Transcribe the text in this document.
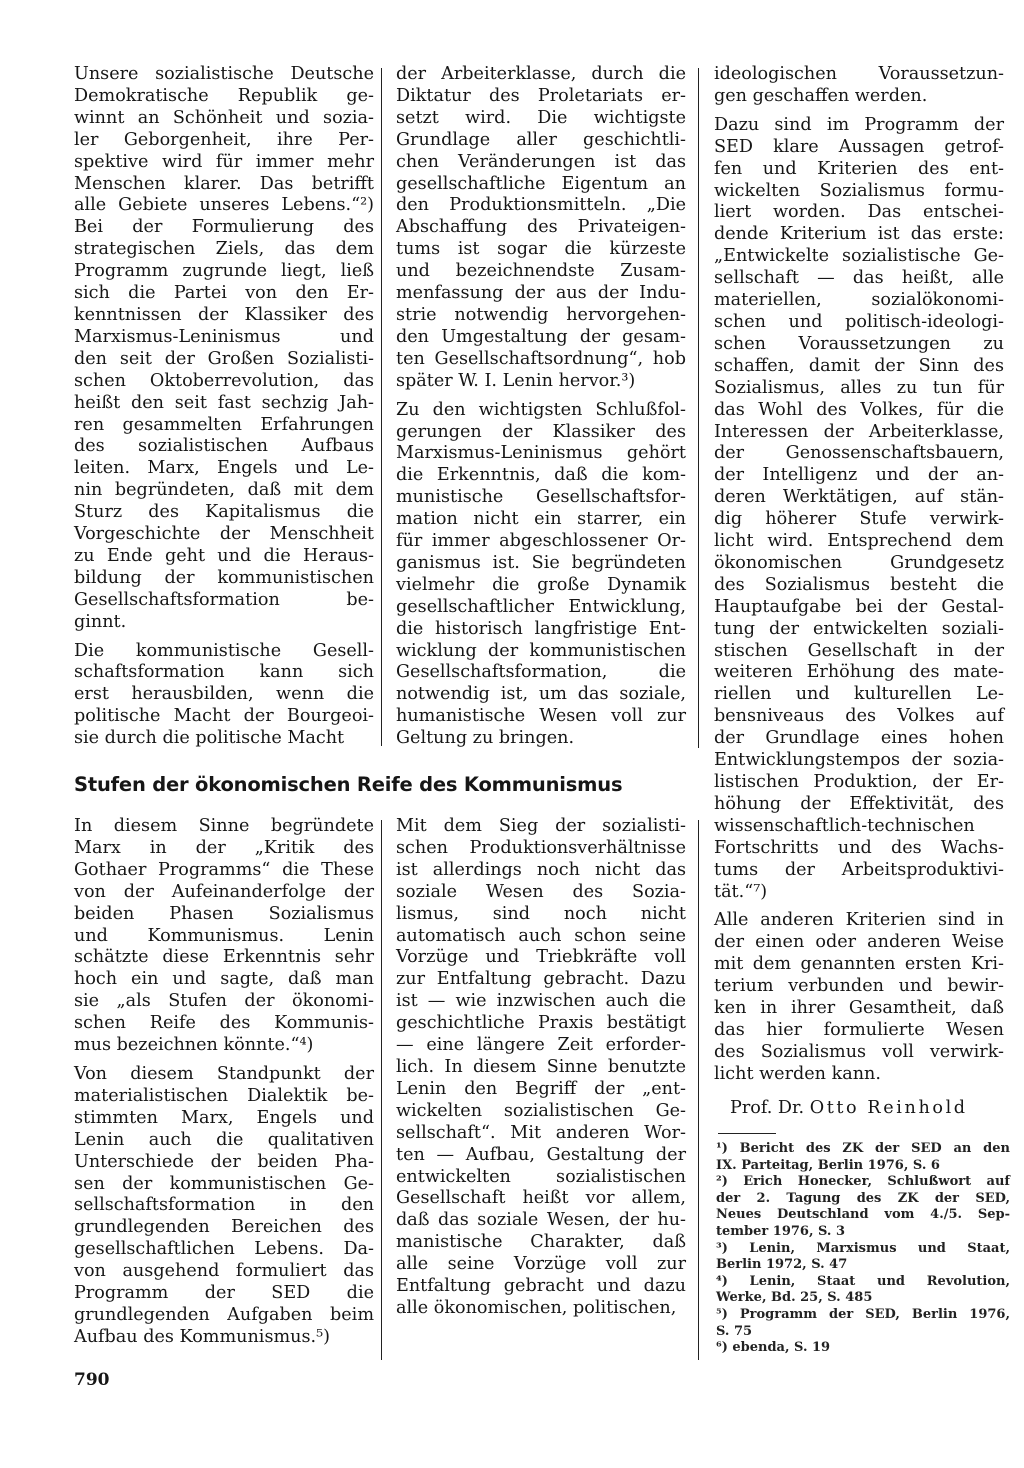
Unsere sozialistische Deutsche
Demokratische Republik ge-
winnt an Schönheit und sozia-
ler Geborgenheit, ihre Per-
spektive wird für immer mehr
Menschen klarer. Das betrifft
alle Gebiete unseres Lebens.“²)
Bei der Formulierung des
strategischen Ziels, das dem
Programm zugrunde liegt, ließ
sich die Partei von den Er-
kenntnissen der Klassiker des
Marxismus-Leninismus und
den seit der Großen Sozialisti-
schen Oktoberrevolution, das
heißt den seit fast sechzig Jah-
ren gesammelten Erfahrungen
des sozialistischen Aufbaus
leiten. Marx, Engels und Le-
nin begründeten, daß mit dem
Sturz des Kapitalismus die
Vorgeschichte der Menschheit
zu Ende geht und die Heraus-
bildung der kommunistischen
Gesellschaftsformation be-
ginnt.

Die kommunistische Gesell-
schaftsformation kann sich
erst herausbilden, wenn die
politische Macht der Bourgeoi-
sie durch die politische Macht

der Arbeiterklasse, durch die
Diktatur des Proletariats er-
setzt wird. Die wichtigste
Grundlage aller geschichtli-
chen Veränderungen ist das
gesellschaftliche Eigentum an
den Produktionsmitteln. „Die
Abschaffung des Privateigen-
tums ist sogar die kürzeste
und bezeichnendste Zusam-
menfassung der aus der Indu-
strie notwendig hervorgehen-
den Umgestaltung der gesam-
ten Gesellschaftsordnung“, hob
später W. I. Lenin hervor.³)

Zu den wichtigsten Schlußfol-
gerungen der Klassiker des
Marxismus-Leninismus gehört
die Erkenntnis, daß die kom-
munistische Gesellschaftsfor-
mation nicht ein starrer, ein
für immer abgeschlossener Or-
ganismus ist. Sie begründeten
vielmehr die große Dynamik
gesellschaftlicher Entwicklung,
die historisch langfristige Ent-
wicklung der kommunistischen
Gesellschaftsformation, die
notwendig ist, um das soziale,
humanistische Wesen voll zur
Geltung zu bringen.

ideologischen Voraussetzun-
gen geschaffen werden.

Dazu sind im Programm der
SED klare Aussagen getrof-
fen und Kriterien des ent-
wickelten Sozialismus formu-
liert worden. Das entschei-
dende Kriterium ist das erste:
„Entwickelte sozialistische Ge-
sellschaft — das heißt, alle
materiellen, sozialökonomi-
schen und politisch-ideologi-
schen Voraussetzungen zu
schaffen, damit der Sinn des
Sozialismus, alles zu tun für
das Wohl des Volkes, für die
Interessen der Arbeiterklasse,
der Genossenschaftsbauern,
der Intelligenz und der an-
deren Werktätigen, auf stän-
dig höherer Stufe verwirk-
licht wird. Entsprechend dem
ökonomischen Grundgesetz
des Sozialismus besteht die
Hauptaufgabe bei der Gestal-
tung der entwickelten soziali-
stischen Gesellschaft in der
weiteren Erhöhung des mate-
riellen und kulturellen Le-
bensniveaus des Volkes auf
der Grundlage eines hohen
Entwicklungstempos der sozia-
listischen Produktion, der Er-
höhung der Effektivität, des
wissenschaftlich-technischen
Fortschritts und des Wachs-
tums der Arbeitsproduktivi-
tät.“⁷)

Alle anderen Kriterien sind in
der einen oder anderen Weise
mit dem genannten ersten Kri-
terium verbunden und bewir-
ken in ihrer Gesamtheit, daß
das hier formulierte Wesen
des Sozialismus voll verwirk-
licht werden kann.

Stufen der ökonomischen Reife des Kommunismus

In diesem Sinne begründete
Marx in der „Kritik des
Gothaer Programms“ die These
von der Aufeinanderfolge der
beiden Phasen Sozialismus
und Kommunismus. Lenin
schätzte diese Erkenntnis sehr
hoch ein und sagte, daß man
sie „als Stufen der ökonomi-
schen Reife des Kommunis-
mus bezeichnen könnte.“⁴)

Von diesem Standpunkt der
materialistischen Dialektik be-
stimmten Marx, Engels und
Lenin auch die qualitativen
Unterschiede der beiden Pha-
sen der kommunistischen Ge-
sellschaftsformation in den
grundlegenden Bereichen des
gesellschaftlichen Lebens. Da-
von ausgehend formuliert das
Programm der SED die
grundlegenden Aufgaben beim
Aufbau des Kommunismus.⁵)

Mit dem Sieg der sozialisti-
schen Produktionsverhältnisse
ist allerdings noch nicht das
soziale Wesen des Sozia-
lismus, sind noch nicht
automatisch auch schon seine
Vorzüge und Triebkräfte voll
zur Entfaltung gebracht. Dazu
ist — wie inzwischen auch die
geschichtliche Praxis bestätigt
— eine längere Zeit erforder-
lich. In diesem Sinne benutzte
Lenin den Begriff der „ent-
wickelten sozialistischen Ge-
sellschaft“. Mit anderen Wor-
ten — Aufbau, Gestaltung der
entwickelten sozialistischen
Gesellschaft heißt vor allem,
daß das soziale Wesen, der hu-
manistische Charakter, daß
alle seine Vorzüge voll zur
Entfaltung gebracht und dazu
alle ökonomischen, politischen,

Prof. Dr. Otto Reinhold
¹) Bericht des ZK der SED an den
IX. Parteitag, Berlin 1976, S. 6
²) Erich Honecker, Schlußwort auf
der 2. Tagung des ZK der SED,
Neues Deutschland vom 4./5. Sep-
tember 1976, S. 3
³) Lenin, Marxismus und Staat,
Berlin 1972, S. 47
⁴) Lenin, Staat und Revolution,
Werke, Bd. 25, S. 485
⁵) Programm der SED, Berlin 1976,
S. 75
⁶) ebenda, S. 19
790
